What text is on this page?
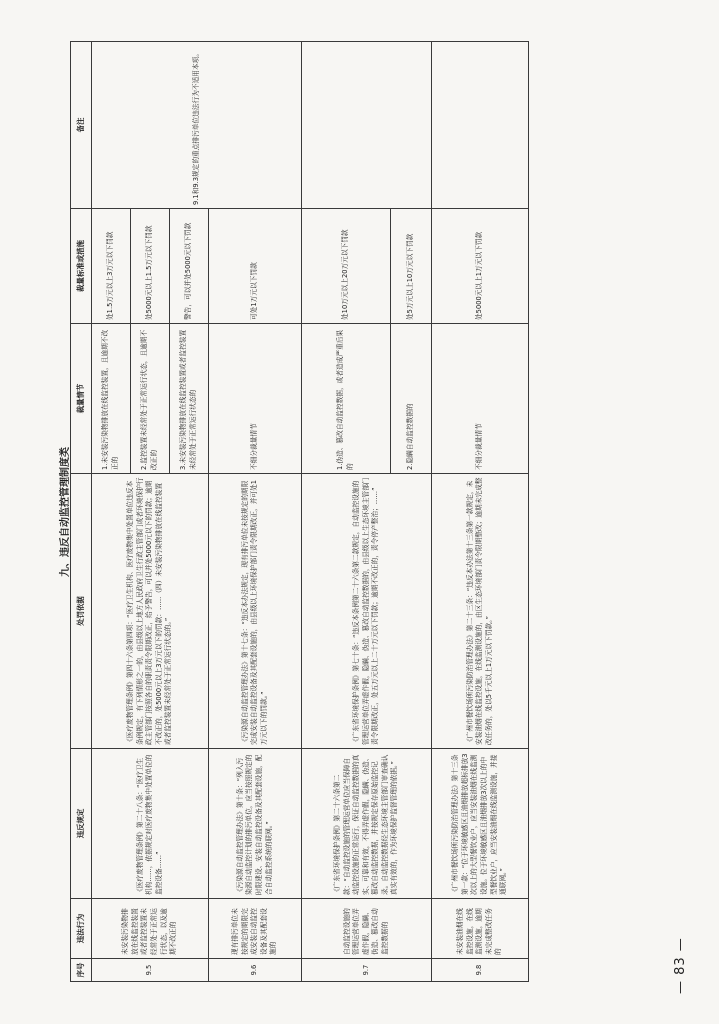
九、违反自动监控管理制度类
序号	违法行为	违反规定	处罚依据	裁量情节	裁量标准或措施	备注
9.5	未安装污染物排放在线监控装置或者监控装置未经常处于正常运行状态，以及逾期不改正的	《医疗废物管理条例》第二十八条：“医疗卫生机构……，依据规定对医疗废物集中处置单位的监控设备……”	《医疗废物管理条例》第四十六条第四项：“医疗卫生机构、医疗废物集中处置单位违反本条例规定，有下列情形之一的，由县级以上地方人民政府卫生行政主管部门或者环境保护行政主管部门按照各自的职责责令限期改正，给予警告，可以并处5000元以下的罚款；逾期不改正的，处5000元以上3万元以下的罚款：……（四）未安装污染物排放在线监控装置或者监控装置未经常处于正常运行状态的。”	1.未安装污染物排放在线监控装置，且逾期不改正的	处1.5万元以上3万元以下罚款	9.1和9.3规定的重点排污单位违法行为不适用本项。
				2.监控装置未经常处于正常运行状态，且逾期不改正的	处5000元以上1.5万元以下罚款	
				3.未安装污染物排放在线监控装置或者监控装置未经常处于正常运行状态的	警告，可以并处5000元以下罚款	
9.6	现有排污单位未按规定的期限完成安装自动监控设备及其配套设施的	《污染源自动监控管理办法》第十条：“列入污染源自动监控计划的排污单位，应当按照规定的时限建设、安装自动监控设备及其配套设施，配合自动监控系统的联网。”	《污染源自动监控管理办法》第十七条：“违反本办法规定，现有排污单位未按规定的期限完成安装自动监控设备及其配套设施的，由县级以上环境保护部门责令限期改正，并可处1万元以下的罚款。”	不细分裁量情节	可处1万元以下罚款	
9.7	自动监控设施的管理运营单位弄虚作假，隐瞒、伪造、篡改自动监控数据的	《广东省环境保护条例》第二十六条第二款：“自动监控设施的管理运营单位应当保障自动监控设施的正常运行，保证自动监控数据的真实、可靠和有效，不得弄虚作假，隐瞒、伪造、篡改自动监控数据，并按规定保存原始监控记录。自动监控数据经生态环境主管部门审查确认真实有效的，作为环境保护监督管理的依据。”	《广东省环境保护条例》第七十条：“违反本条例第二十六条第二款规定，自动监控设施的管理运营单位弄虚作假，隐瞒、伪造、篡改自动监控数据的，由县级以上生态环境主管部门责令限期改正，处五万元以上二十万元以下罚款；逾期不改正的，责令停产整治；……”	1.伪造、篡改自动监控数据，或者造成严重后果的	处10万元以上20万元以下罚款	
				2.隐瞒自动监控数据的	处5万元以上10万元以下罚款	
9.8	未安装油烟在线监控设施，在线监测设施，逾期未完成整改任务的	《广州市餐饮场所污染防治管理办法》第十三条第一款：“位于环境敏感区且油烟排放超标排放3次以上的大型餐饮业户，应当安装油烟在线监测设施。位于环境敏感区且油烟排放3次以上的中型餐饮业户，应当安装油烟在线监测设施，并接通联网。”	《广州市餐饮场所污染防治管理办法》第二十三条：“违反本办法第十三条第一款规定，未安装油烟在线监控设施，在线监测设施的，由区生态环境部门责令限期整改；逾期未完成整改任务的，处以5千元以上1万元以下罚款。”	不细分裁量情节	处5000元以上1万元以下罚款	
— 83 —
